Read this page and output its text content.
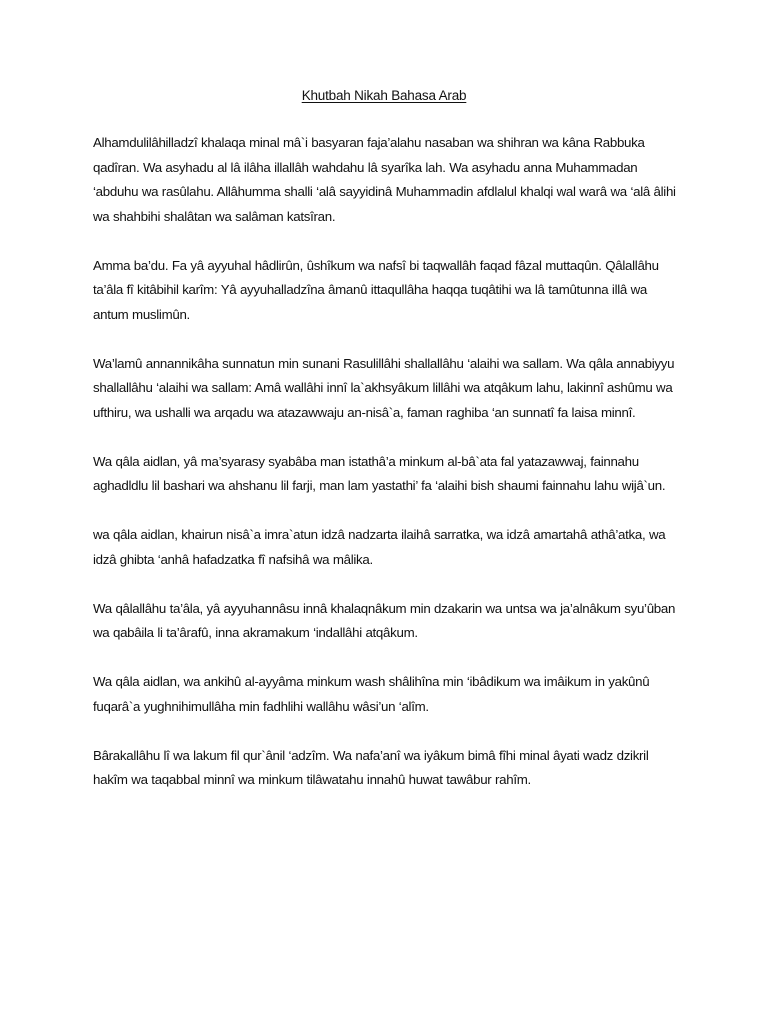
Khutbah Nikah Bahasa Arab

Alhamdulilâhilladzî khalaqa minal mâ`i basyaran faja’alahu nasaban wa shihran wa kâna Rabbuka qadîran. Wa asyhadu al lâ ilâha illallâh wahdahu lâ syarîka lah. Wa asyhadu anna Muhammadan ‘abduhu wa rasûlahu. Allâhumma shalli ‘alâ sayyidinâ Muhammadin afdlalul khalqi wal warâ wa ‘alâ âlihi wa shahbihi shalâtan wa salâman katsîran.

Amma ba’du. Fa yâ ayyuhal hâdlirûn, ûshîkum wa nafsî bi taqwallâh faqad fâzal muttaqûn. Qâlallâhu ta’âla fî kitâbihil karîm: Yâ ayyuhalladzîna âmanû ittaqullâha haqqa tuqâtihi wa lâ tamûtunna illâ wa antum muslimûn.

Wa’lamû annannikâha sunnatun min sunani Rasulillâhi shallallâhu ‘alaihi wa sallam. Wa qâla annabiyyu shallallâhu ‘alaihi wa sallam: Amâ wallâhi innî la`akhsyâkum lillâhi wa atqâkum lahu, lakinnî ashûmu wa ufthiru, wa ushalli wa arqadu wa atazawwaju an-nisâ`a, faman raghiba ‘an sunnatî fa laisa minnî.

Wa qâla aidlan, yâ ma’syarasy syabâba man istathâ’a minkum al-bâ`ata fal yatazawwaj, fainnahu aghadldlu lil bashari wa ahshanu lil farji, man lam yastathi’ fa ‘alaihi bish shaumi fainnahu lahu wijâ`un.

wa qâla aidlan, khairun nisâ`a imra`atun idzâ nadzarta ilaihâ sarratka, wa idzâ amartahâ athâ’atka, wa idzâ ghibta ‘anhâ hafadzatka fî nafsihâ wa mâlika.

Wa qâlallâhu ta’âla, yâ ayyuhannâsu innâ khalaqnâkum min dzakarin wa untsa wa ja’alnâkum syu’ûban wa qabâila li ta’ârafû, inna akramakum ‘indallâhi atqâkum.

Wa qâla aidlan, wa ankihû al-ayyâma minkum wash shâlihîna min ‘ibâdikum wa imâikum in yakûnû fuqarâ`a yughnihimullâha min fadhlihi wallâhu wâsi’un ‘alîm.

Bârakallâhu lî wa lakum fil qur`ânil ‘adzîm. Wa nafa’anî wa iyâkum bimâ fîhi minal âyati wadz dzikril hakîm wa taqabbal minnî wa minkum tilâwatahu innahû huwat tawâbur rahîm.
